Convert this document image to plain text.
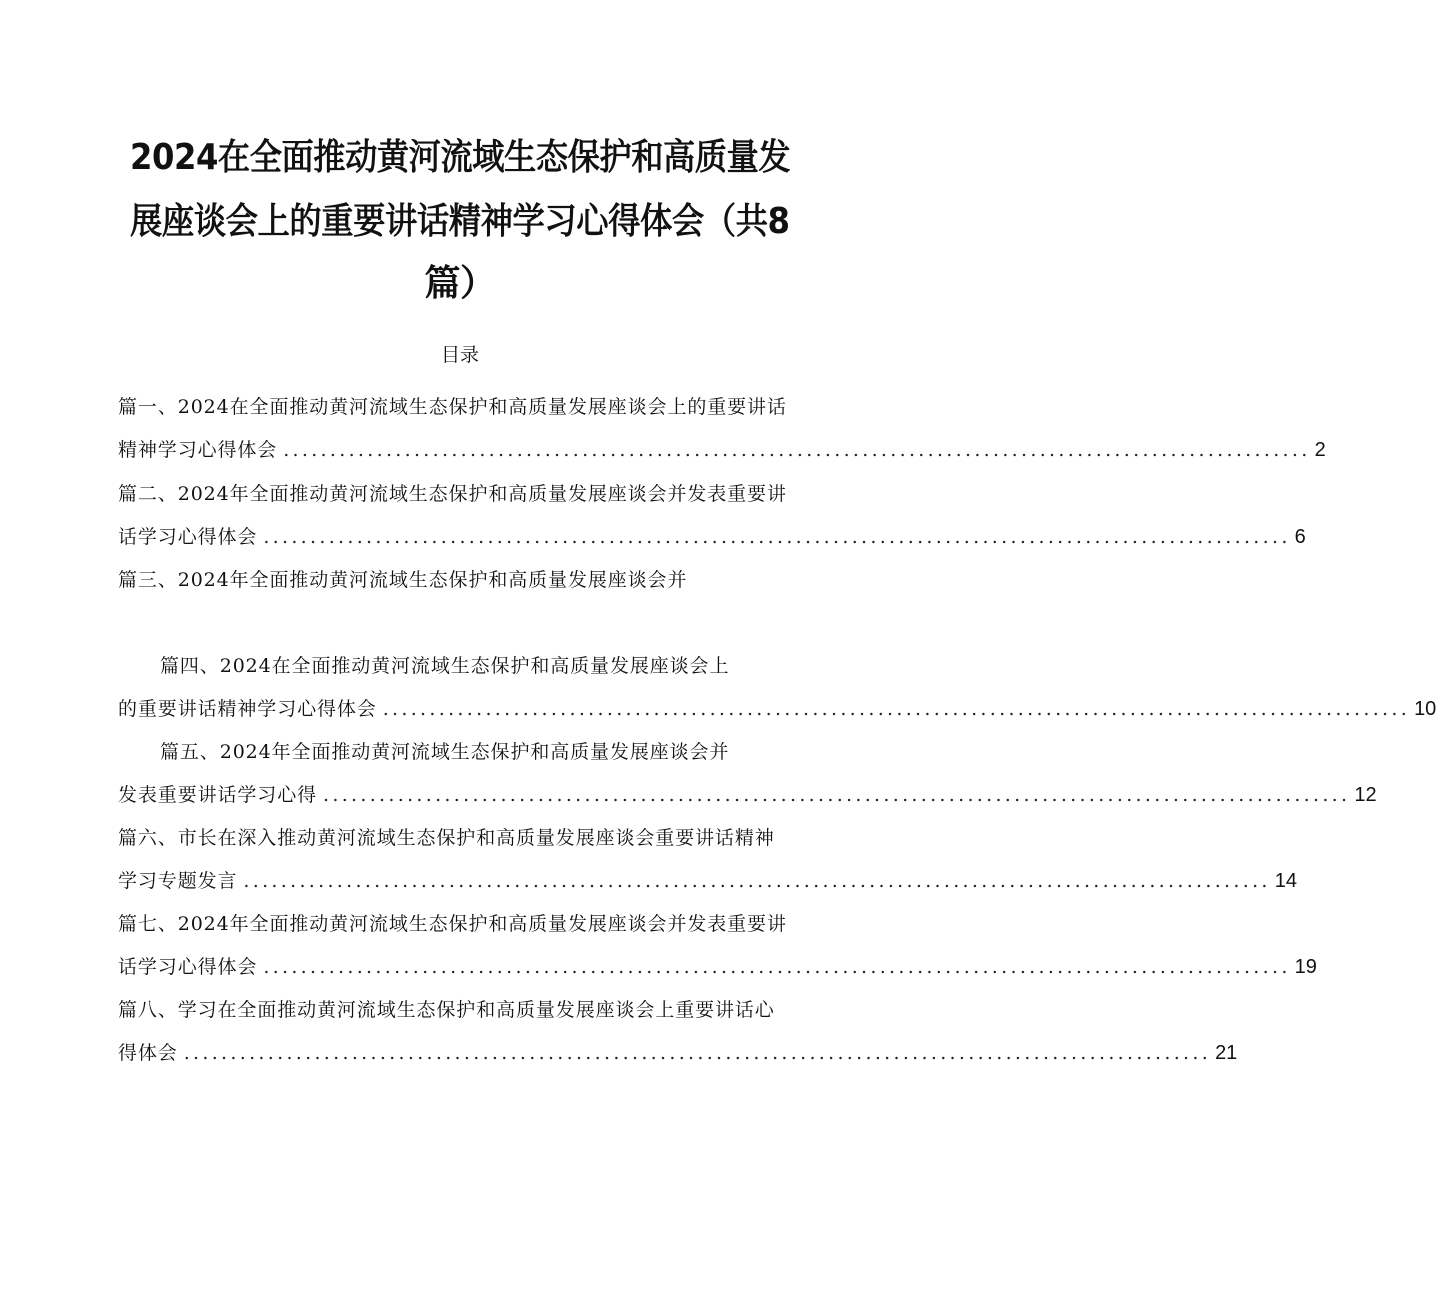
2024在全面推动黄河流域生态保护和高质量发
展座谈会上的重要讲话精神学习心得体会（共8
篇）
目录
篇一、2024在全面推动黄河流域生态保护和高质量发展座谈会上的重要讲话
精神学习心得体会 .............................................................................................................. 2
篇二、2024年全面推动黄河流域生态保护和高质量发展座谈会并发表重要讲
话学习心得体会 .............................................................................................................. 6
篇三、2024年全面推动黄河流域生态保护和高质量发展座谈会并
篇四、2024在全面推动黄河流域生态保护和高质量发展座谈会上
的重要讲话精神学习心得体会 .............................................................................................................. 10
篇五、2024年全面推动黄河流域生态保护和高质量发展座谈会并
发表重要讲话学习心得 .............................................................................................................. 12
篇六、市长在深入推动黄河流域生态保护和高质量发展座谈会重要讲话精神
学习专题发言 .............................................................................................................. 14
篇七、2024年全面推动黄河流域生态保护和高质量发展座谈会并发表重要讲
话学习心得体会 .............................................................................................................. 19
篇八、学习在全面推动黄河流域生态保护和高质量发展座谈会上重要讲话心
得体会 .............................................................................................................. 21
